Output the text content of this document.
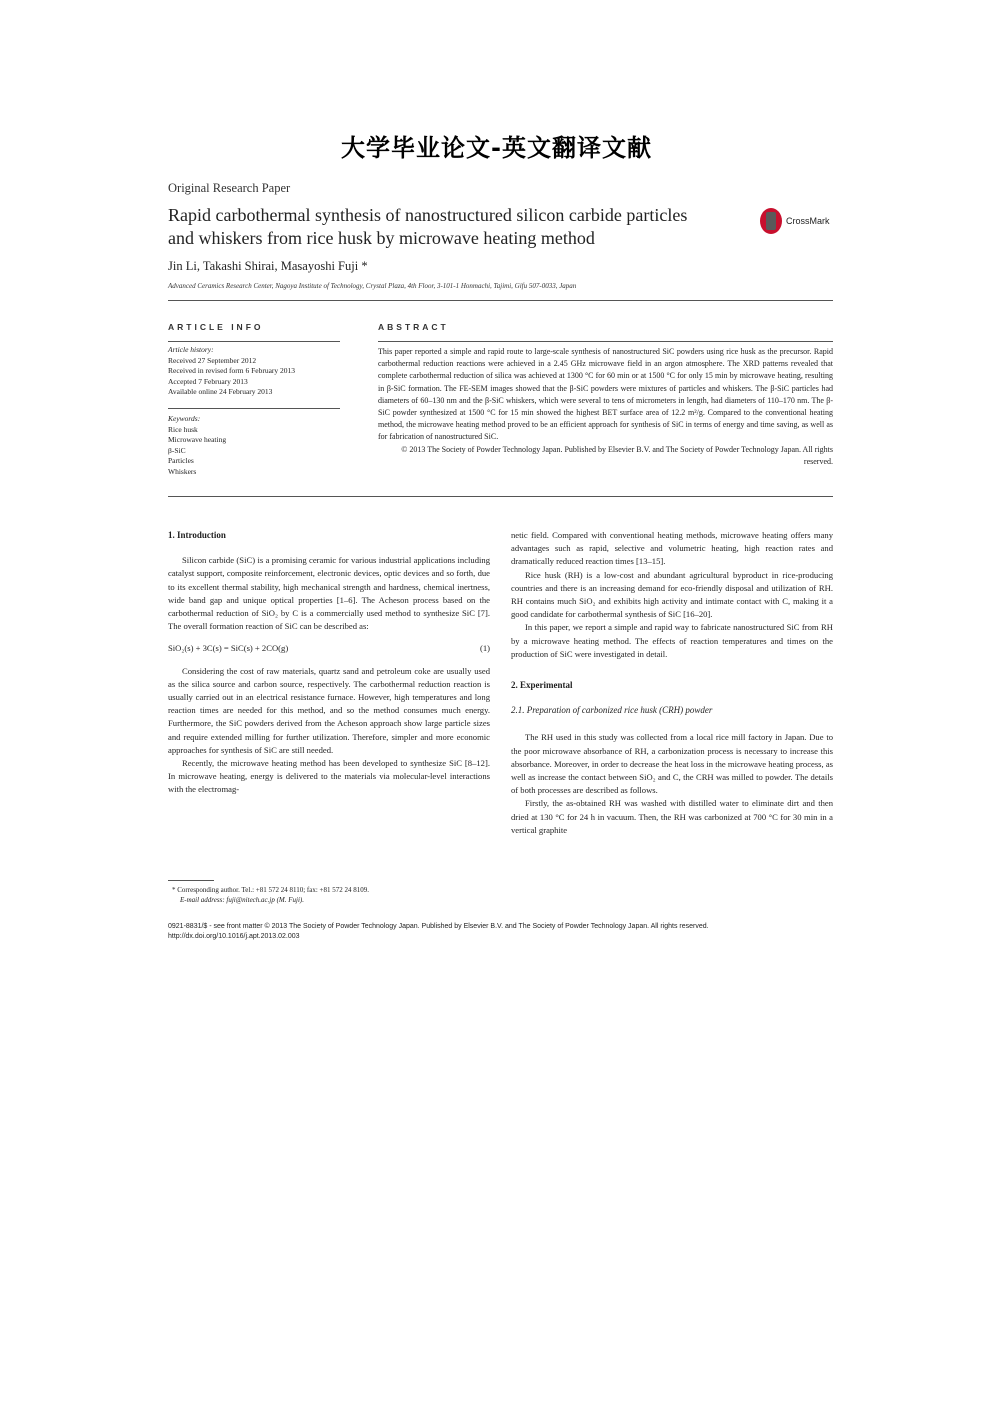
大学毕业论文-英文翻译文献
Original Research Paper
Rapid carbothermal synthesis of nanostructured silicon carbide particles
and whiskers from rice husk by microwave heating method
CrossMark
Jin Li, Takashi Shirai, Masayoshi Fuji *
Advanced Ceramics Research Center, Nagoya Institute of Technology, Crystal Plaza, 4th Floor, 3-101-1 Honmachi, Tajimi, Gifu 507-0033, Japan
ARTICLE INFO	ABSTRACT
Article history:
Received 27 September 2012
Received in revised form 6 February 2013
Accepted 7 February 2013
Available online 24 February 2013
Keywords:
Rice husk
Microwave heating
β-SiC
Particles
Whiskers
This paper reported a simple and rapid route to large-scale synthesis of nanostructured SiC powders using rice husk as the precursor. Rapid carbothermal reduction reactions were achieved in a 2.45 GHz microwave field in an argon atmosphere. The XRD patterns revealed that complete carbothermal reduction of silica was achieved at 1300 °C for 60 min or at 1500 °C for only 15 min by microwave heating, resulting in β-SiC formation. The FE-SEM images showed that the β-SiC powders were mixtures of particles and whiskers. The β-SiC particles had diameters of 60–130 nm and the β-SiC whiskers, which were several to tens of micrometers in length, had diameters of 110–170 nm. The β-SiC powder synthesized at 1500 °C for 15 min showed the highest BET surface area of 12.2 m²/g. Compared to the conventional heating method, the microwave heating method proved to be an efficient approach for synthesis of SiC in terms of energy and time saving, as well as for fabrication of nanostructured SiC.
© 2013 The Society of Powder Technology Japan. Published by Elsevier B.V. and The Society of Powder Technology Japan. All rights reserved.
1. Introduction

Silicon carbide (SiC) is a promising ceramic for various industrial applications including catalyst support, composite reinforcement, electronic devices, optic devices and so forth, due to its excellent thermal stability, high mechanical strength and hardness, chemical inertness, wide band gap and unique optical properties [1–6]. The Acheson process based on the carbothermal reduction of SiO₂ by C is a commercially used method to synthesize SiC [7]. The overall formation reaction of SiC can be described as:

SiO₂(s) + 3C(s) = SiC(s) + 2CO(g)	(1)

Considering the cost of raw materials, quartz sand and petroleum coke are usually used as the silica source and carbon source, respectively. The carbothermal reduction reaction is usually carried out in an electrical resistance furnace. However, high temperatures and long reaction times are needed for this method, and so the method consumes much energy. Furthermore, the SiC powders derived from the Acheson approach show large particle sizes and require extended milling for further utilization. Therefore, simpler and more economic approaches for synthesis of SiC are still needed.

Recently, the microwave heating method has been developed to synthesize SiC [8–12]. In microwave heating, energy is delivered to the materials via molecular-level interactions with the electromag-

* Corresponding author. Tel.: +81 572 24 8110; fax: +81 572 24 8109.
E-mail address: fuji@nitech.ac.jp (M. Fuji).

netic field. Compared with conventional heating methods, microwave heating offers many advantages such as rapid, selective and volumetric heating, high reaction rates and dramatically reduced reaction times [13–15].

Rice husk (RH) is a low-cost and abundant agricultural byproduct in rice-producing countries and there is an increasing demand for eco-friendly disposal and utilization of RH. RH contains much SiO₂ and exhibits high activity and intimate contact with C, making it a good candidate for carbothermal synthesis of SiC [16–20].

In this paper, we report a simple and rapid way to fabricate nanostructured SiC from RH by a microwave heating method. The effects of reaction temperatures and times on the production of SiC were investigated in detail.

2. Experimental
2.1. Preparation of carbonized rice husk (CRH) powder

The RH used in this study was collected from a local rice mill factory in Japan. Due to the poor microwave absorbance of RH, a carbonization process is necessary to increase this absorbance. Moreover, in order to decrease the heat loss in the microwave heating process, as well as increase the contact between SiO₂ and C, the CRH was milled to powder. The details of both processes are described as follows.

Firstly, the as-obtained RH was washed with distilled water to eliminate dirt and then dried at 130 °C for 24 h in vacuum. Then, the RH was carbonized at 700 °C for 30 min in a vertical graphite

0921-8831/$ - see front matter © 2013 The Society of Powder Technology Japan. Published by Elsevier B.V. and The Society of Powder Technology Japan. All rights reserved.
http://dx.doi.org/10.1016/j.apt.2013.02.003
